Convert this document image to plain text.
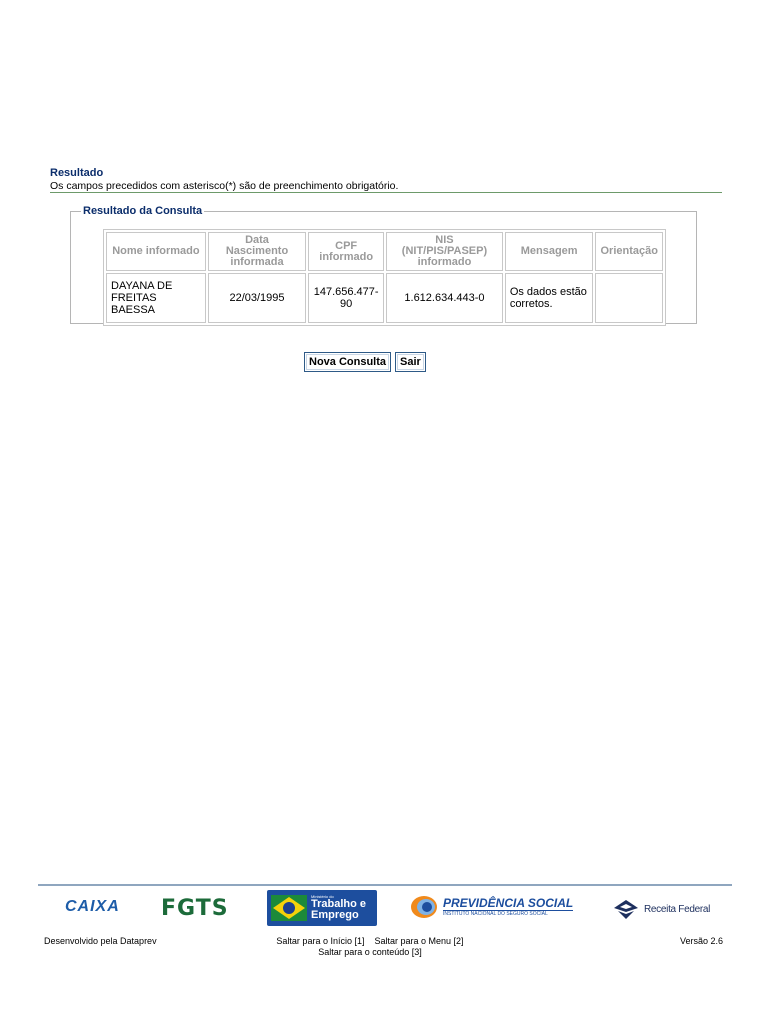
Resultado
Os campos precedidos com asterisco(*) são de preenchimento obrigatório.
Resultado da Consulta
Nome informado	Data Nascimento informada	CPF informado	NIS (NIT/PIS/PASEP) informado	Mensagem	Orientação
DAYANA DE FREITAS BAESSA	22/03/1995	147.656.477-90	1.612.634.443-0	Os dados estão corretos.	
Nova Consulta	Sair
CAIXA FGTS	Ministério do
Trabalho e
Emprego
PREVIDÊNCIA SOCIAL
INSTITUTO NACIONAL DO SEGURO SOCIAL	Receita Federal
Desenvolvido pela Dataprev	Saltar para o Início [1] Saltar para o Menu [2]
Saltar para o conteúdo [3]
Versão 2.6
